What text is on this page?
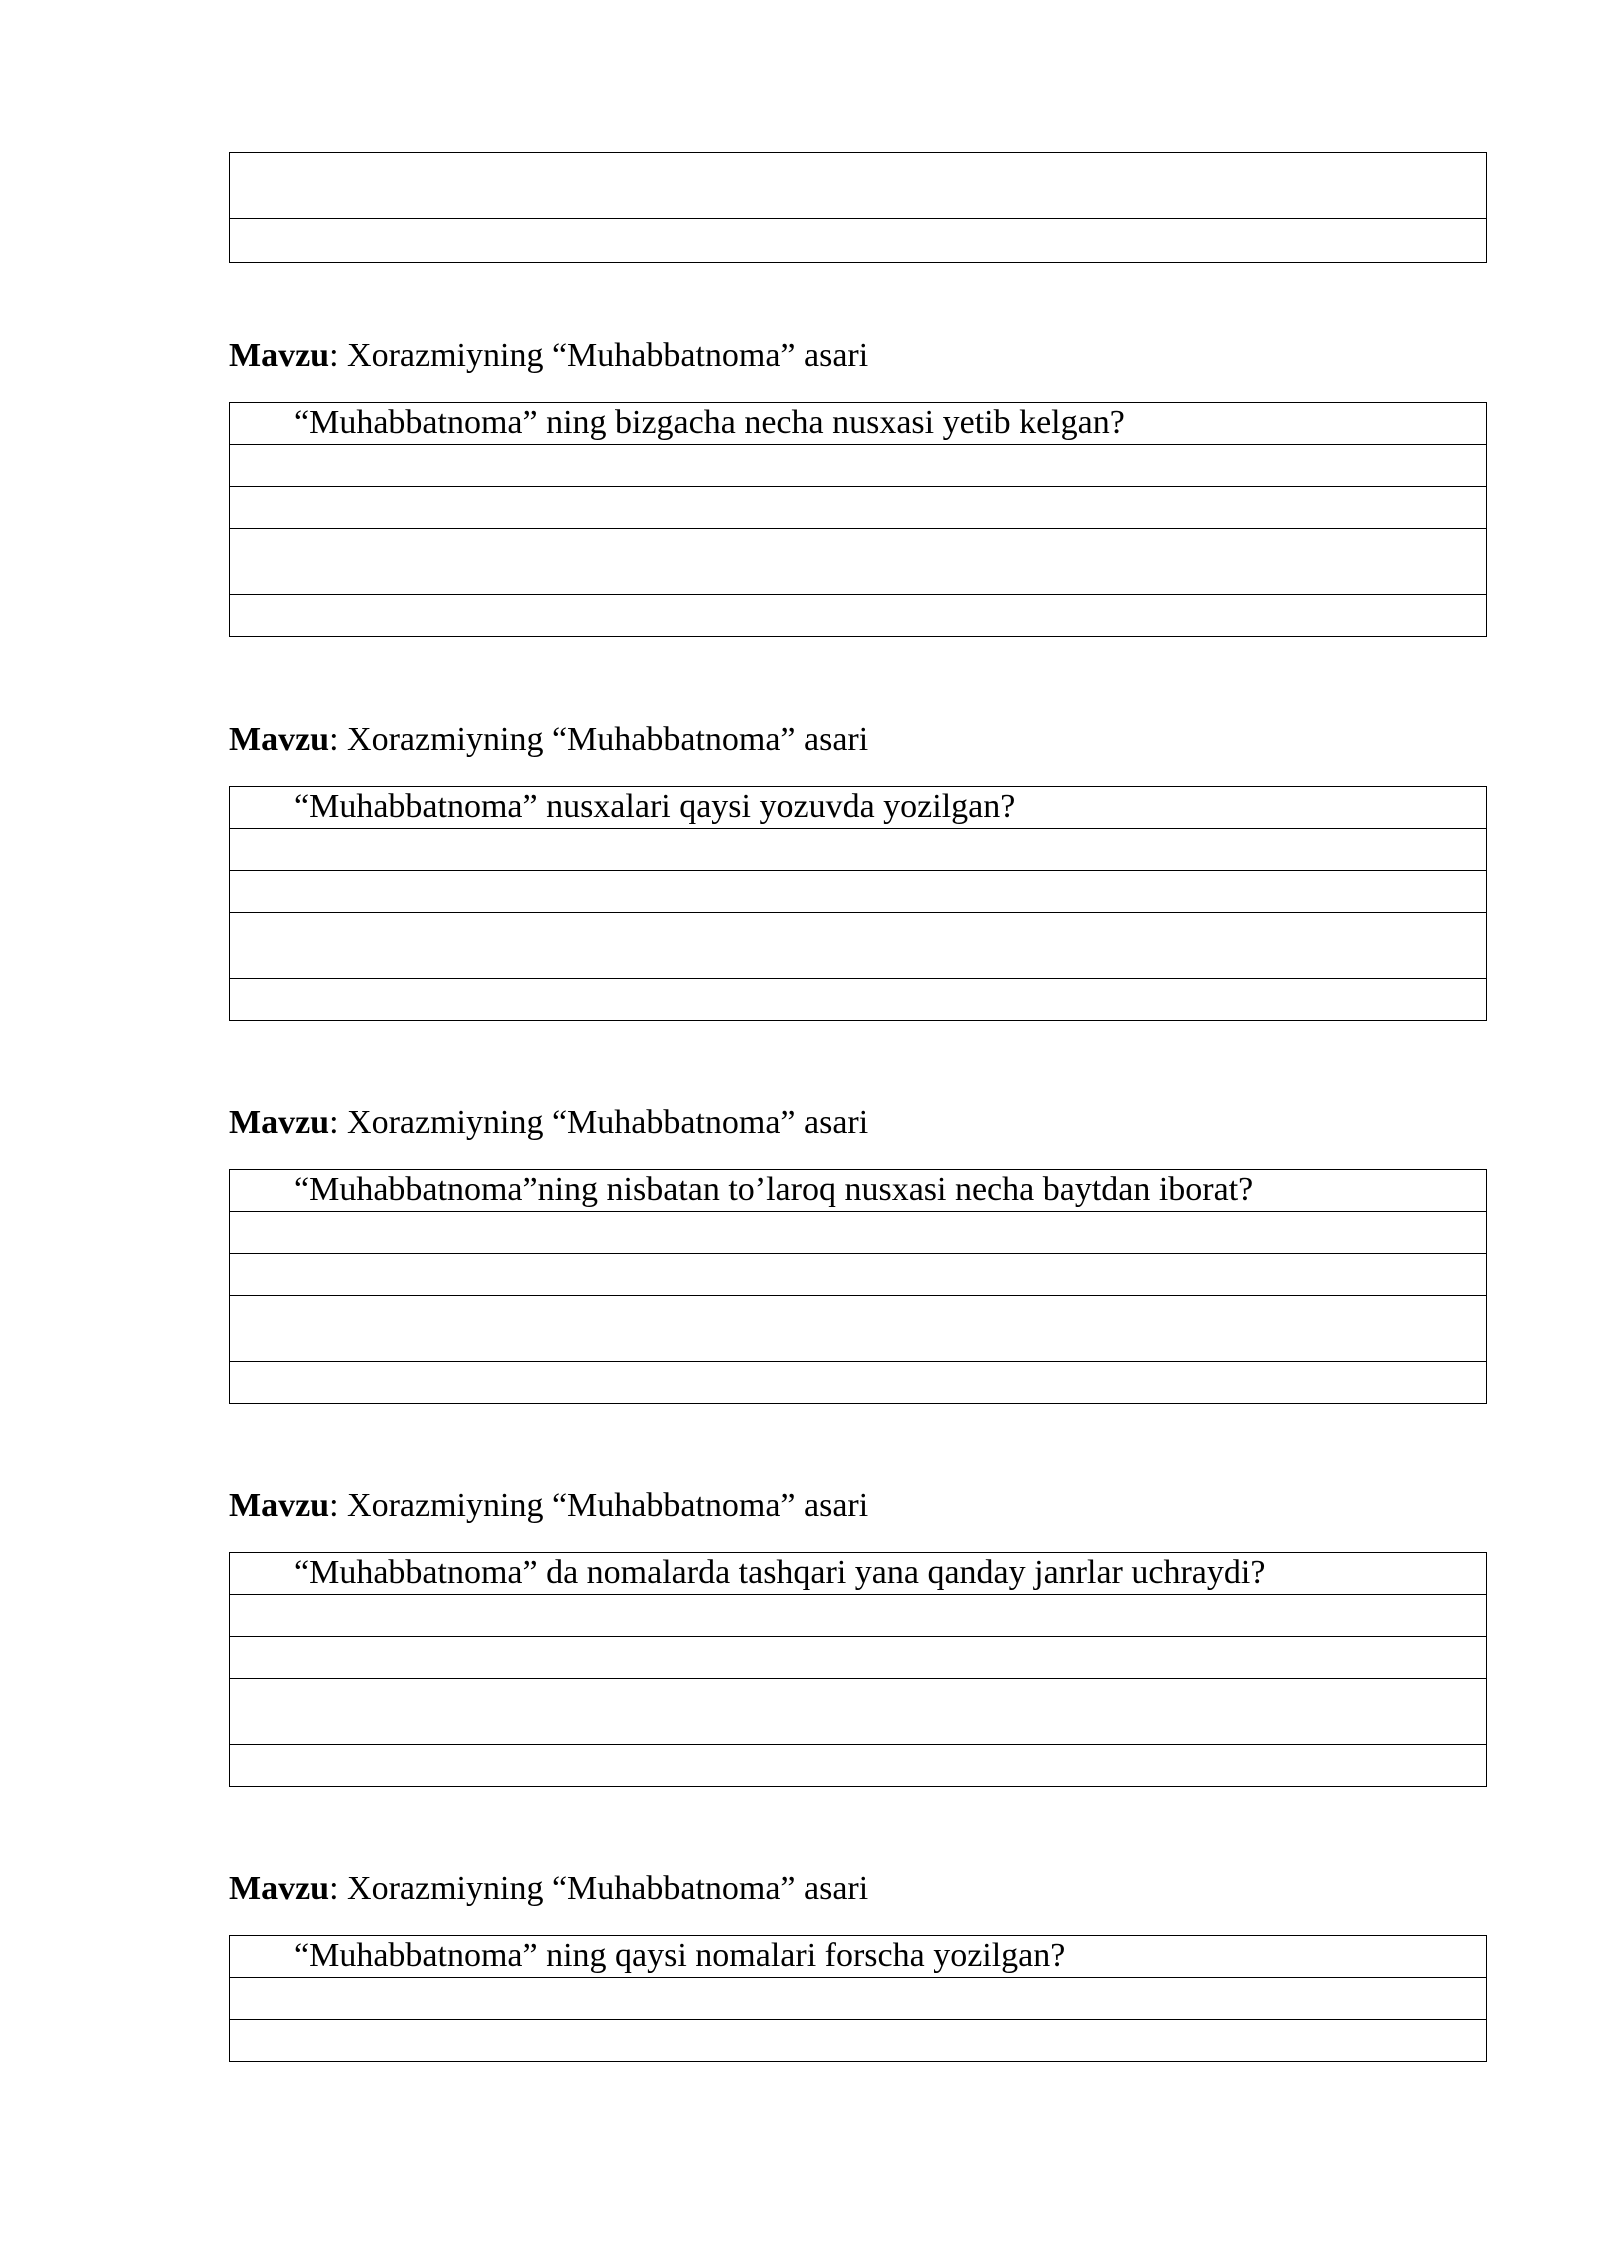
Mavzu: Xorazmiyning “Muhabbatnoma” asari
“Muhabbatnoma” ning bizgacha necha nusxasi yetib kelgan?

Mavzu: Xorazmiyning “Muhabbatnoma” asari
“Muhabbatnoma” nusxalari qaysi yozuvda yozilgan?

Mavzu: Xorazmiyning “Muhabbatnoma” asari
“Muhabbatnoma”ning nisbatan to’laroq nusxasi necha baytdan iborat?

Mavzu: Xorazmiyning “Muhabbatnoma” asari
“Muhabbatnoma” da nomalarda tashqari yana qanday janrlar uchraydi?

Mavzu: Xorazmiyning “Muhabbatnoma” asari
“Muhabbatnoma” ning qaysi nomalari forscha yozilgan?
